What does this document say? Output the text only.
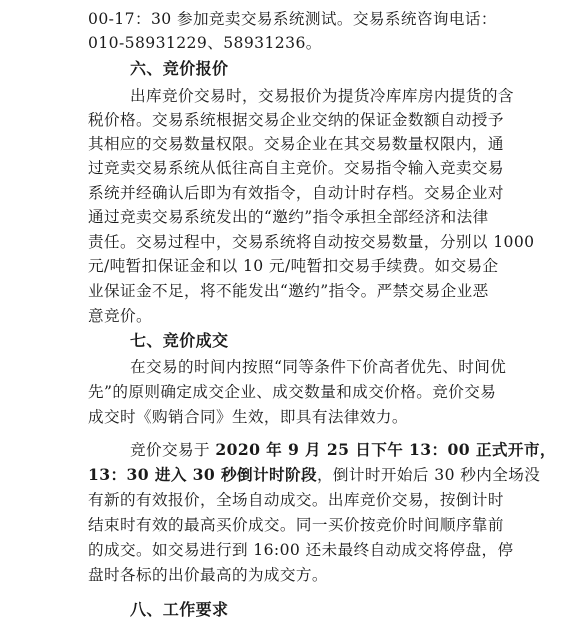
00-17：30 参加竞卖交易系统测试。交易系统咨询电话：
010-58931229、58931236。
六、竞价报价
出库竞价交易时，交易报价为提货冷库库房内提货的含
税价格。交易系统根据交易企业交纳的保证金数额自动授予
其相应的交易数量权限。交易企业在其交易数量权限内，通
过竞卖交易系统从低往高自主竞价。交易指令输入竞卖交易
系统并经确认后即为有效指令，自动计时存档。交易企业对
通过竞卖交易系统发出的“邀约”指令承担全部经济和法律
责任。交易过程中，交易系统将自动按交易数量，分别以 1000
元/吨暂扣保证金和以 10 元/吨暂扣交易手续费。如交易企
业保证金不足，将不能发出“邀约”指令。严禁交易企业恶
意竞价。
七、竞价成交
在交易的时间内按照“同等条件下价高者优先、时间优
先”的原则确定成交企业、成交数量和成交价格。竞价交易
成交时《购销合同》生效，即具有法律效力。
竞价交易于 2020 年 9 月 25 日下午 13：00 正式开市，
13：30 进入 30 秒倒计时阶段，倒计时开始后 30 秒内全场没
有新的有效报价，全场自动成交。出库竞价交易，按倒计时
结束时有效的最高买价成交。同一买价按竞价时间顺序靠前
的成交。如交易进行到 16:00 还未最终自动成交将停盘，停
盘时各标的出价最高的为成交方。
八、工作要求
